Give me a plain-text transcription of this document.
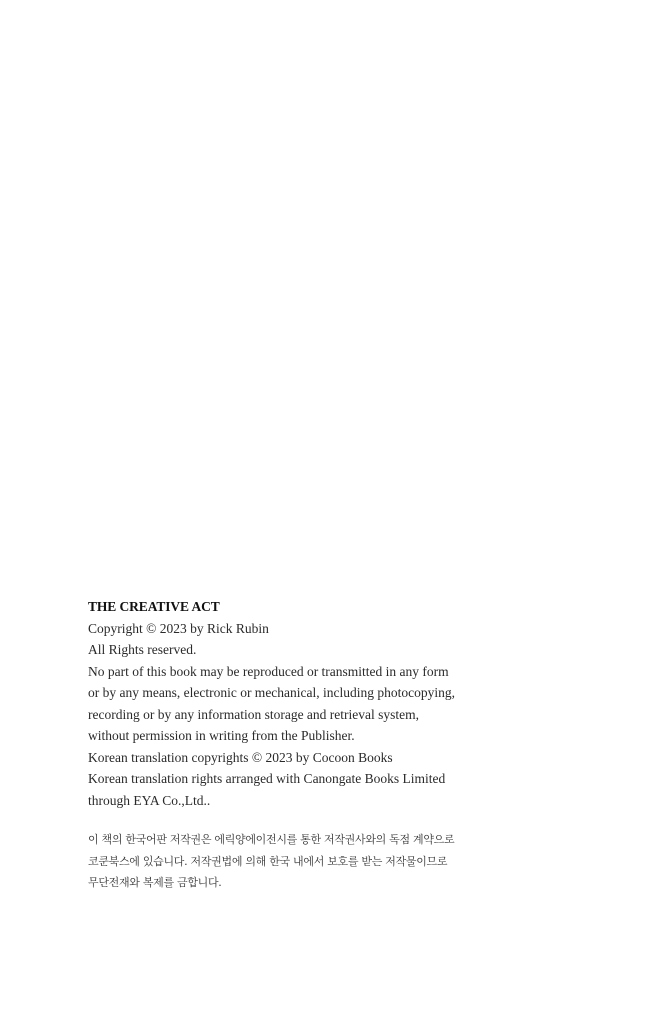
THE CREATIVE ACT

Copyright © 2023 by Rick Rubin

All Rights reserved.

No part of this book may be reproduced or transmitted in any form

or by any means, electronic or mechanical, including photocopying,

recording or by any information storage and retrieval system,

without permission in writing from the Publisher.

Korean translation copyrights © 2023 by Cocoon Books

Korean translation rights arranged with Canongate Books Limited

through EYA Co.,Ltd..

이 책의 한국어판 저작권은 에릭양에이전시를 통한 저작권사와의 독점 계약으로

코쿤북스에 있습니다. 저작권법에 의해 한국 내에서 보호를 받는 저작물이므로

무단전재와 복제를 금합니다.
